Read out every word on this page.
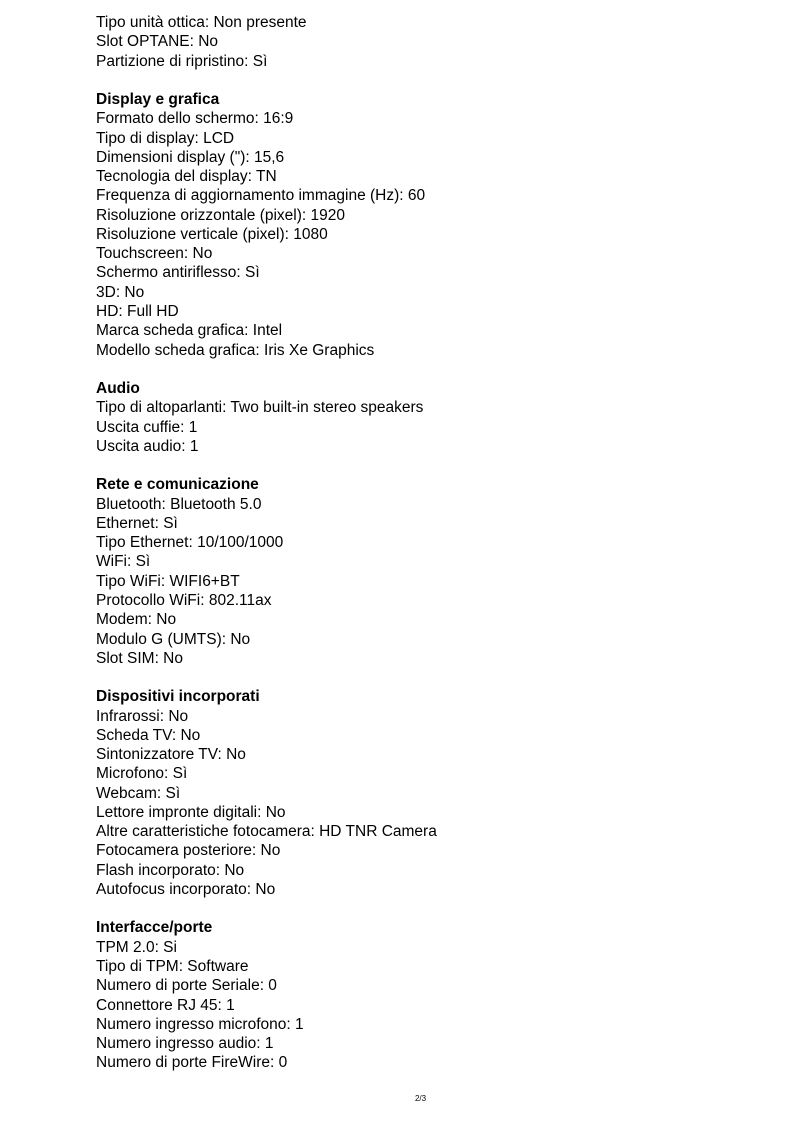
Tipo unità ottica: Non presente
Slot OPTANE: No
Partizione di ripristino: Sì
Display e grafica
Formato dello schermo: 16:9
Tipo di display: LCD
Dimensioni display ("): 15,6
Tecnologia del display: TN
Frequenza di aggiornamento immagine (Hz): 60
Risoluzione orizzontale (pixel): 1920
Risoluzione verticale (pixel): 1080
Touchscreen: No
Schermo antiriflesso: Sì
3D: No
HD: Full HD
Marca scheda grafica: Intel
Modello scheda grafica: Iris Xe Graphics
Audio
Tipo di altoparlanti: Two built-in stereo speakers
Uscita cuffie: 1
Uscita audio: 1
Rete e comunicazione
Bluetooth: Bluetooth 5.0
Ethernet: Sì
Tipo Ethernet: 10/100/1000
WiFi: Sì
Tipo WiFi: WIFI6+BT
Protocollo WiFi: 802.11ax
Modem: No
Modulo G (UMTS): No
Slot SIM: No
Dispositivi incorporati
Infrarossi: No
Scheda TV: No
Sintonizzatore TV: No
Microfono: Sì
Webcam: Sì
Lettore impronte digitali: No
Altre caratteristiche fotocamera: HD TNR Camera
Fotocamera posteriore: No
Flash incorporato: No
Autofocus incorporato: No
Interfacce/porte
TPM 2.0: Si
Tipo di TPM: Software
Numero di porte Seriale: 0
Connettore RJ 45: 1
Numero ingresso microfono: 1
Numero ingresso audio: 1
Numero di porte FireWire: 0
2/3
